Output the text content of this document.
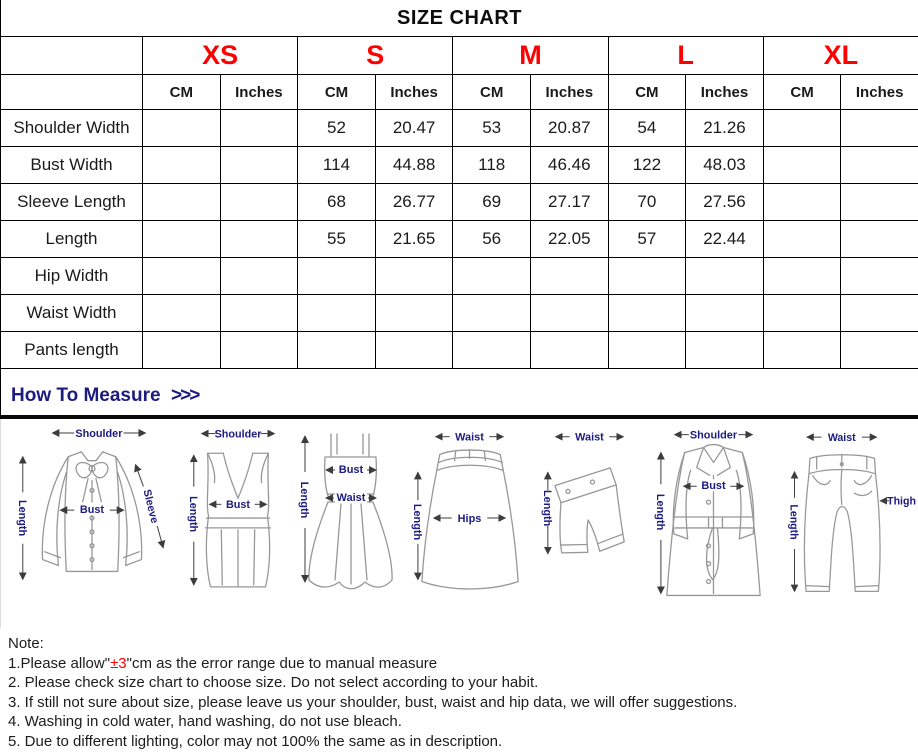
SIZE CHART
	XS		S		M		L		XL	
	CM	Inches	CM	Inches	CM	Inches	CM	Inches	CM	Inches
Shoulder Width			52	20.47	53	20.87	54	21.26		
Bust Width			114	44.88	118	46.46	122	48.03		
Sleeve Length			68	26.77	69	27.17	70	27.56		
Length			55	21.65	56	22.05	57	22.44		
Hip Width										
Waist Width										
Pants length										
How To Measure >>>
Shoulder
Length	Bust	Sleeve
Shoulder
Length Bust
Bust
Waist
Length
Waist
Hips
Length
Waist
Length
Shoulder
Bust
Length
Waist
Thigh
Length
Note:
1.Please allow"±3"cm as the error range due to manual measure
2. Please check size chart to choose size. Do not select according to your habit.
3. If still not sure about size, please leave us your shoulder, bust, waist and hip data, we will offer suggestions.
4. Washing in cold water, hand washing, do not use bleach.
5. Due to different lighting, color may not 100% the same as in description.
